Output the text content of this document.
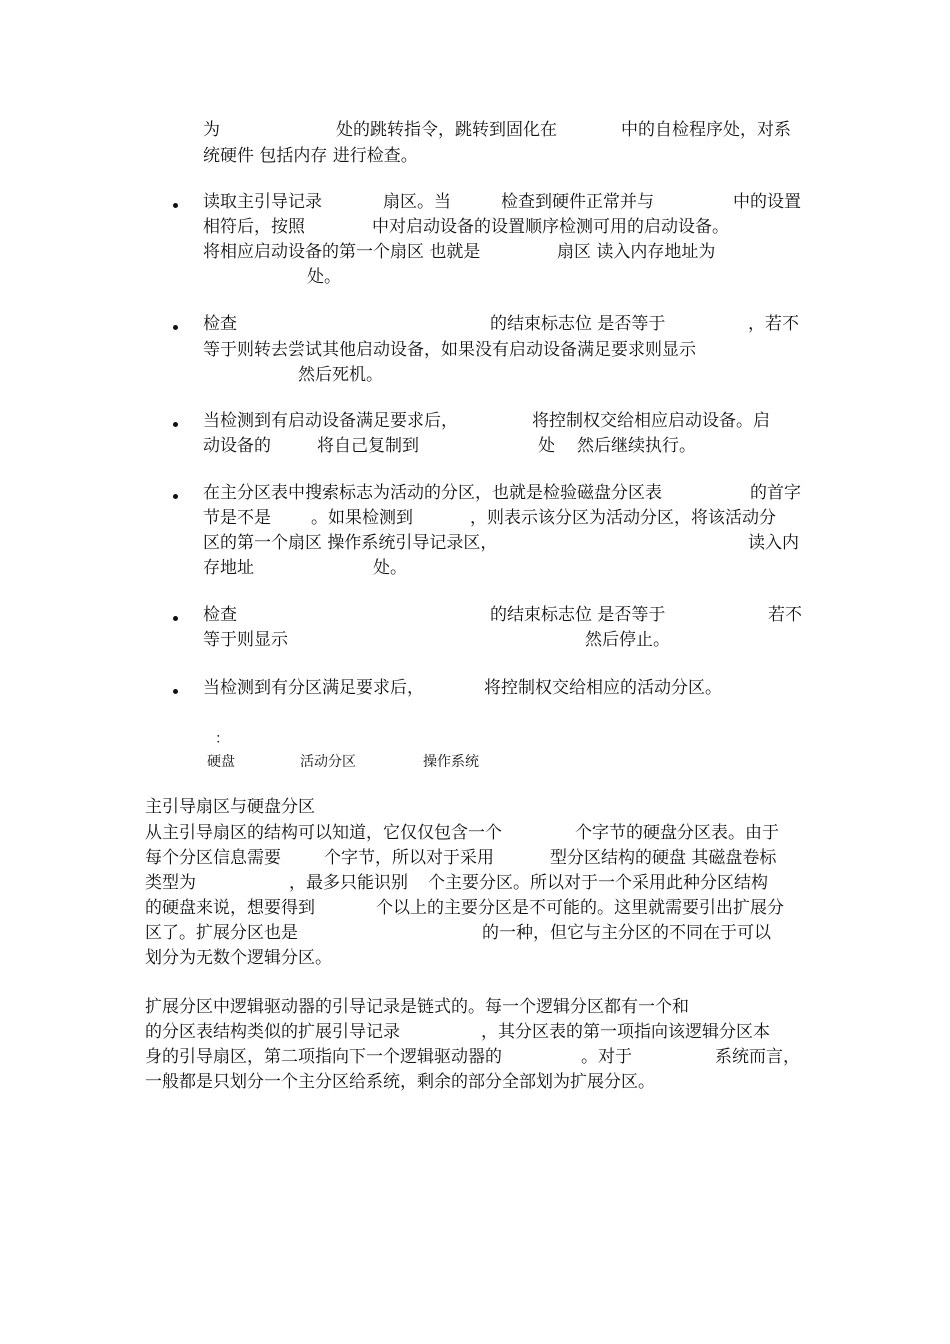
为	处的跳转指令，跳转到固化在	中的自检程序处，对系
统硬件 包括内存 进行检查。
读取主引导记录	扇区。当	检查到硬件正常并与	中的设置
相符后，按照	中对启动设备的设置顺序检测可用的启动设备。
将相应启动设备的第一个扇区 也就是	扇区 读入内存地址为
处。
检查	的结束标志位 是否等于	，若不
等于则转去尝试其他启动设备，如果没有启动设备满足要求则显示
然后死机。
当检测到有启动设备满足要求后，	将控制权交给相应启动设备。启
动设备的	将自己复制到	处 然后继续执行。
在主分区表中搜索标志为活动的分区，也就是检验磁盘分区表	的首字
节是不是 。如果检测到	，则表示该分区为活动分区，将该活动分
区的第一个扇区 操作系统引导记录区，	读入内
存地址	处。
检查	的结束标志位 是否等于	若不
等于则显示	然后停止。
当检测到有分区满足要求后，	将控制权交给相应的活动分区。
：
硬盘	活动分区	操作系统
主引导扇区与硬盘分区
从主引导扇区的结构可以知道，它仅仅包含一个	个字节的硬盘分区表。由于
每个分区信息需要	个字节，所以对于采用	型分区结构的硬盘 其磁盘卷标
类型为	，最多只能识别 个主要分区。所以对于一个采用此种分区结构
的硬盘来说，想要得到	个以上的主要分区是不可能的。这里就需要引出扩展分
区了。扩展分区也是	的一种，但它与主分区的不同在于可以
划分为无数个逻辑分区。
扩展分区中逻辑驱动器的引导记录是链式的。每一个逻辑分区都有一个和
的分区表结构类似的扩展引导记录	，其分区表的第一项指向该逻辑分区本
身的引导扇区，第二项指向下一个逻辑驱动器的	。对于	系统而言，
一般都是只划分一个主分区给系统，剩余的部分全部划为扩展分区。
